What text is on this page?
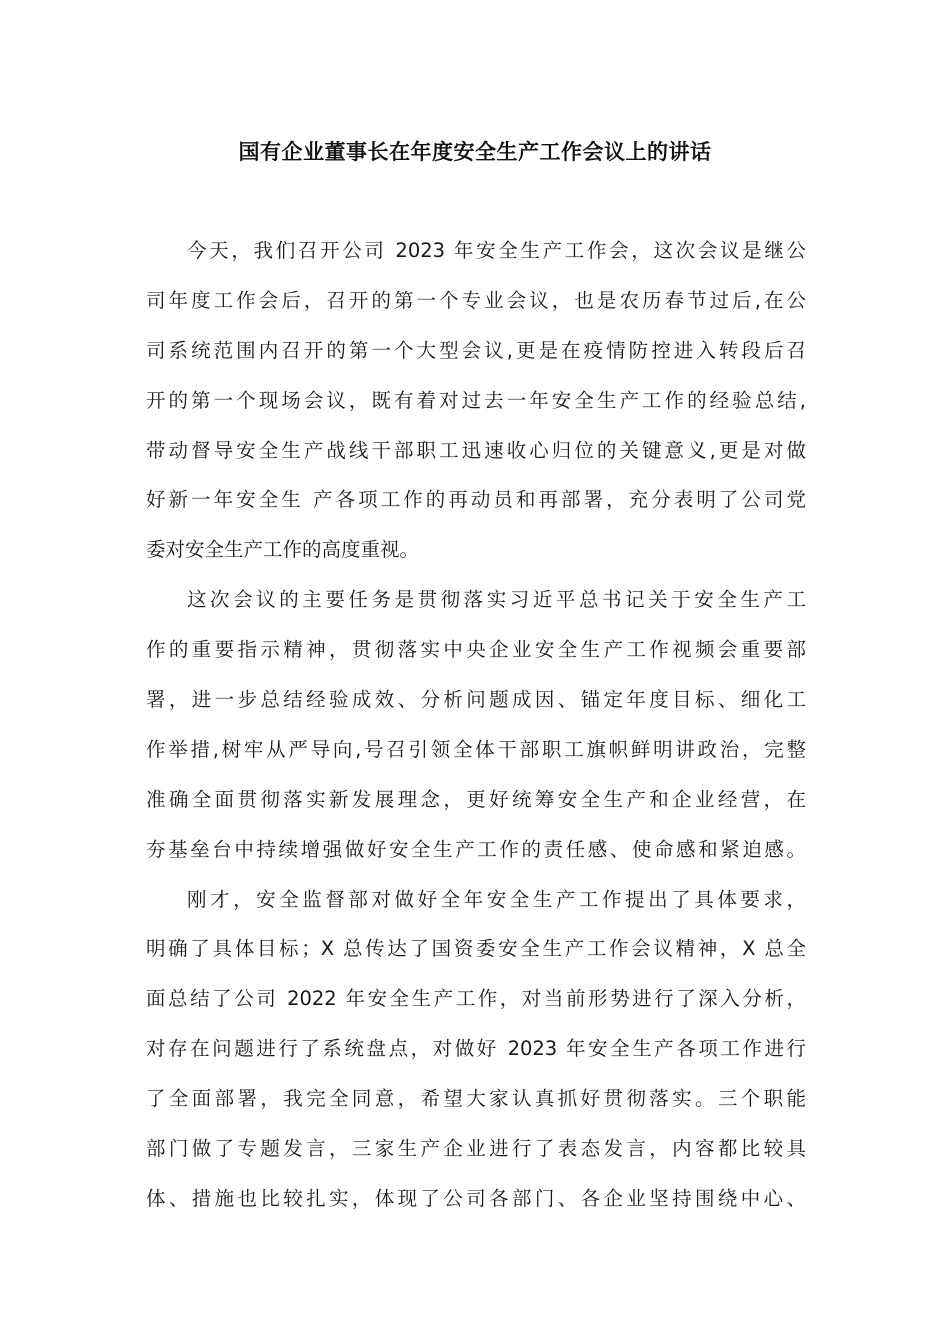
国有企业董事长在年度安全生产工作会议上的讲话
今天，我们召开公司 2023 年安全生产工作会，这次会议是继公
司年度工作会后，召开的第一个专业会议，也是农历春节过后,在公
司系统范围内召开的第一个大型会议,更是在疫情防控进入转段后召
开的第一个现场会议，既有着对过去一年安全生产工作的经验总结,
带动督导安全生产战线干部职工迅速收心归位的关键意义,更是对做
好新一年安全生 产各项工作的再动员和再部署，充分表明了公司党
委对安全生产工作的高度重视。
这次会议的主要任务是贯彻落实习近平总书记关于安全生产工
作的重要指示精神，贯彻落实中央企业安全生产工作视频会重要部
署，进一步总结经验成效、分析问题成因、锚定年度目标、细化工
作举措,树牢从严导向,号召引领全体干部职工旗帜鲜明讲政治，完整
准确全面贯彻落实新发展理念，更好统筹安全生产和企业经营，在
夯基垒台中持续增强做好安全生产工作的责任感、使命感和紧迫感。
刚才，安全监督部对做好全年安全生产工作提出了具体要求，
明确了具体目标；X 总传达了国资委安全生产工作会议精神，X 总全
面总结了公司 2022 年安全生产工作，对当前形势进行了深入分析，
对存在问题进行了系统盘点，对做好 2023 年安全生产各项工作进行
了全面部署，我完全同意，希望大家认真抓好贯彻落实。三个职能
部门做了专题发言，三家生产企业进行了表态发言，内容都比较具
体、措施也比较扎实，体现了公司各部门、各企业坚持围绕中心、
